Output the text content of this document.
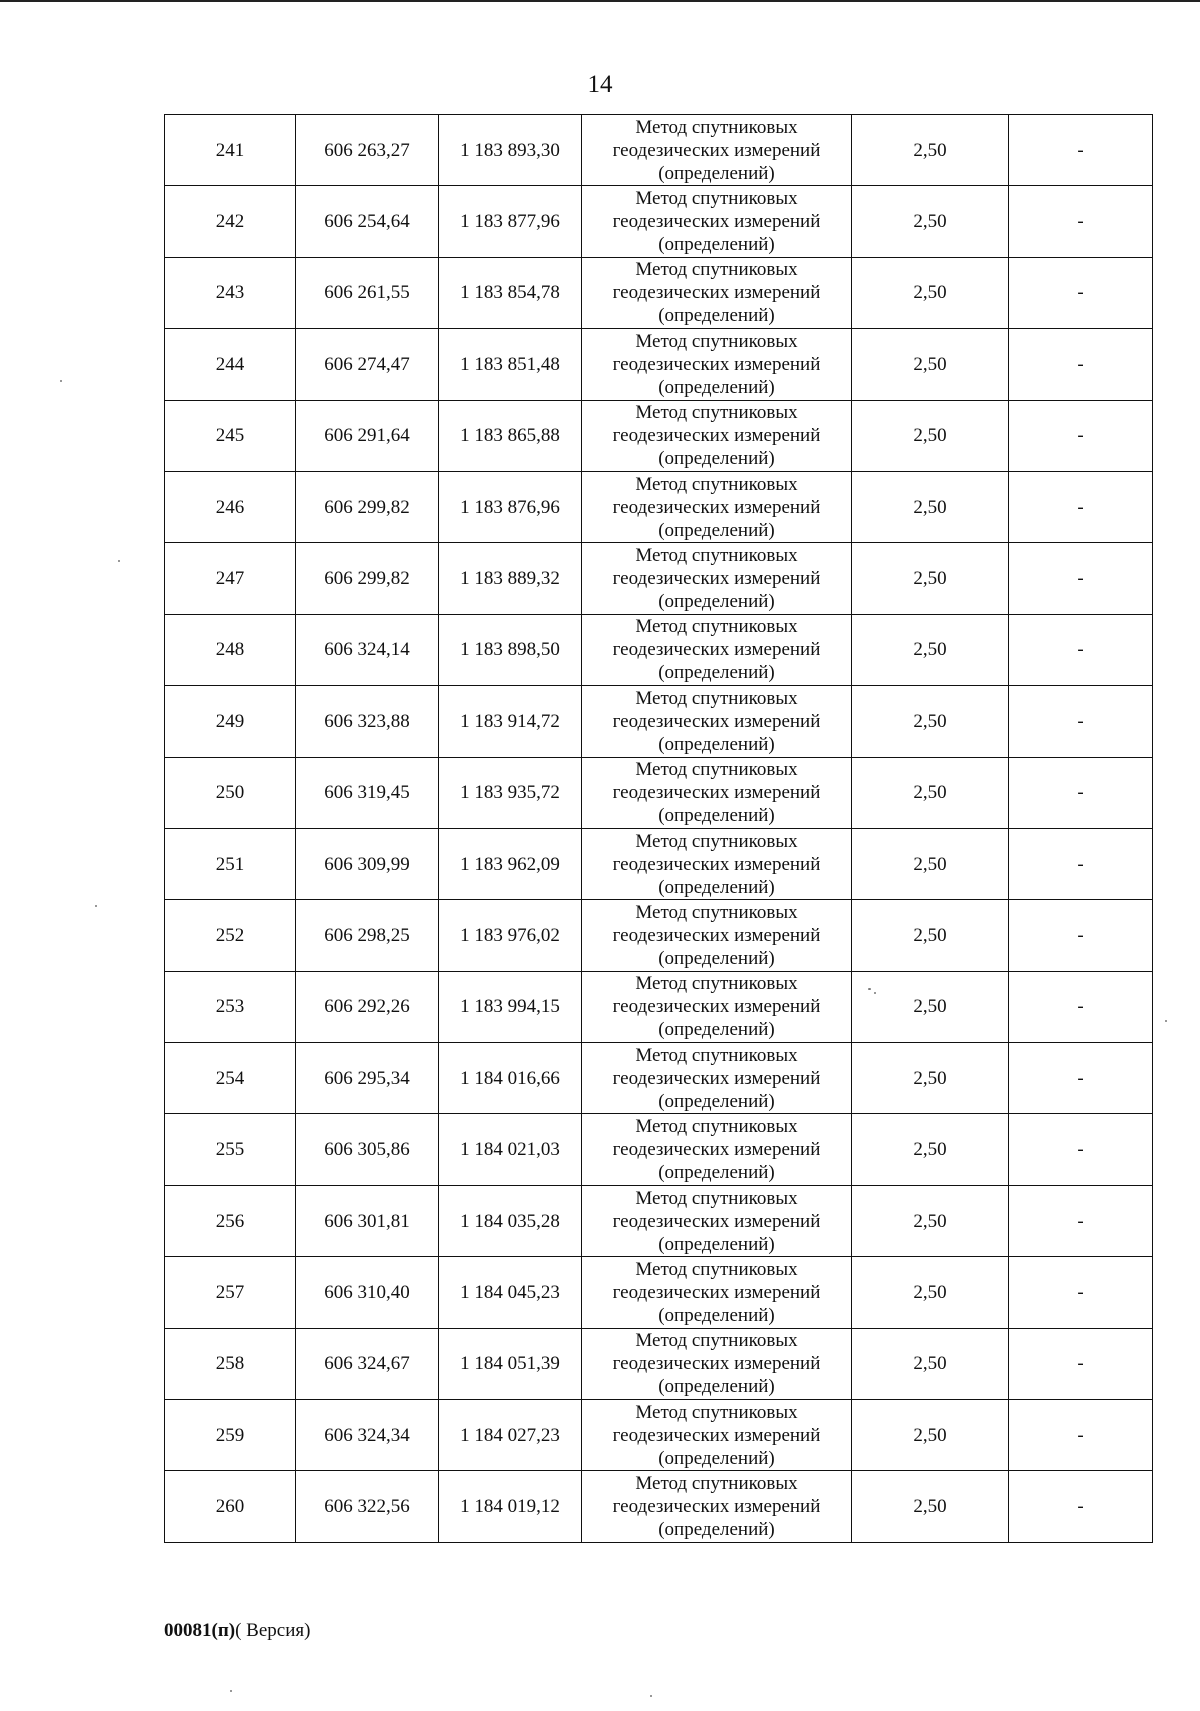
14
241	606 263,27	1 183 893,30	Метод спутниковых
геодезических измерений
(определений)	2,50	-
242	606 254,64	1 183 877,96	Метод спутниковых
геодезических измерений
(определений)	2,50	-
243	606 261,55	1 183 854,78	Метод спутниковых
геодезических измерений
(определений)	2,50	-
244	606 274,47	1 183 851,48	Метод спутниковых
геодезических измерений
(определений)	2,50	-
245	606 291,64	1 183 865,88	Метод спутниковых
геодезических измерений
(определений)	2,50	-
246	606 299,82	1 183 876,96	Метод спутниковых
геодезических измерений
(определений)	2,50	-
247	606 299,82	1 183 889,32	Метод спутниковых
геодезических измерений
(определений)	2,50	-
248	606 324,14	1 183 898,50	Метод спутниковых
геодезических измерений
(определений)	2,50	-
249	606 323,88	1 183 914,72	Метод спутниковых
геодезических измерений
(определений)	2,50	-
250	606 319,45	1 183 935,72	Метод спутниковых
геодезических измерений
(определений)	2,50	-
251	606 309,99	1 183 962,09	Метод спутниковых
геодезических измерений
(определений)	2,50	-
252	606 298,25	1 183 976,02	Метод спутниковых
геодезических измерений
(определений)	2,50	-
253	606 292,26	1 183 994,15	Метод спутниковых
геодезических измерений
(определений)	2,50	-
254	606 295,34	1 184 016,66	Метод спутниковых
геодезических измерений
(определений)	2,50	-
255	606 305,86	1 184 021,03	Метод спутниковых
геодезических измерений
(определений)	2,50	-
256	606 301,81	1 184 035,28	Метод спутниковых
геодезических измерений
(определений)	2,50	-
257	606 310,40	1 184 045,23	Метод спутниковых
геодезических измерений
(определений)	2,50	-
258	606 324,67	1 184 051,39	Метод спутниковых
геодезических измерений
(определений)	2,50	-
259	606 324,34	1 184 027,23	Метод спутниковых
геодезических измерений
(определений)	2,50	-
260	606 322,56	1 184 019,12	Метод спутниковых
геодезических измерений
(определений)	2,50	-
00081(п)( Версия)
